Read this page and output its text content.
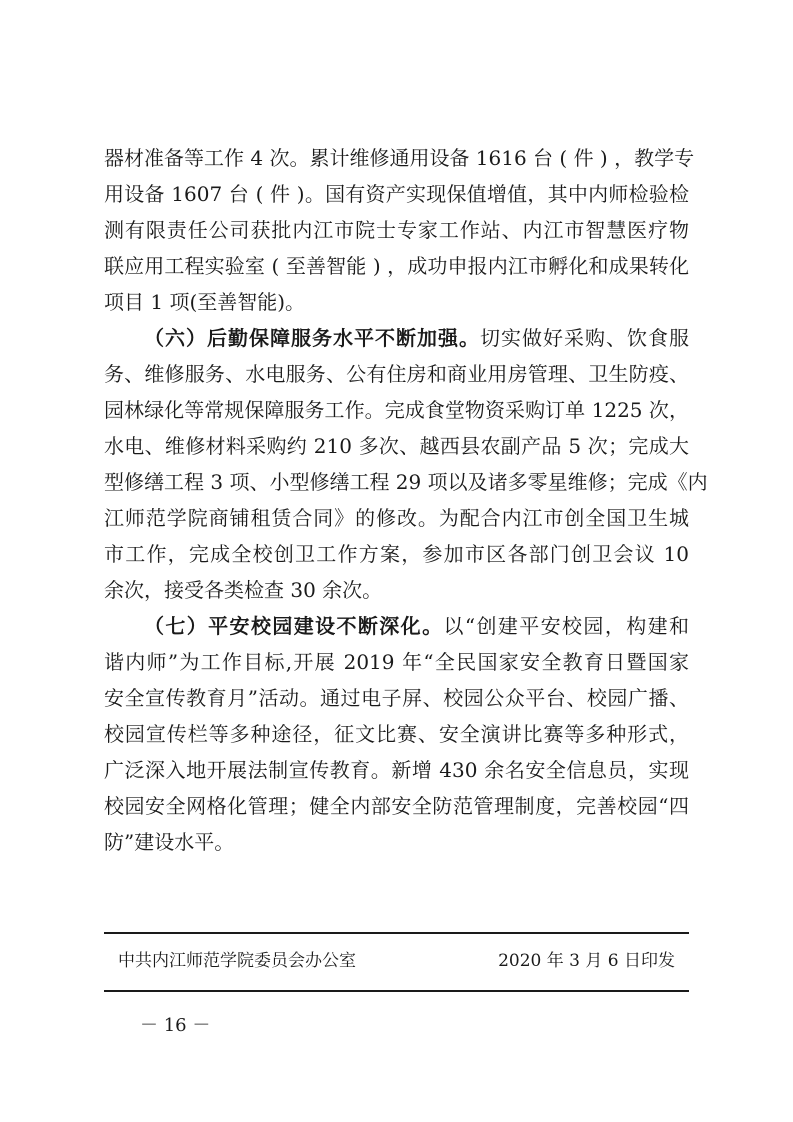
器材准备等工作 4 次。累计维修通用设备 1616 台 ( 件 ) ，教学专
用设备 1607 台 ( 件 )。国有资产实现保值增值，其中内师检验检
测有限责任公司获批内江市院士专家工作站、内江市智慧医疗物
联应用工程实验室 ( 至善智能 ) ，成功申报内江市孵化和成果转化
项目 1 项(至善智能)。
（六）后勤保障服务水平不断加强。切实做好采购、饮食服
务、维修服务、水电服务、公有住房和商业用房管理、卫生防疫、
园林绿化等常规保障服务工作。完成食堂物资采购订单 1225 次，
水电、维修材料采购约 210 多次、越西县农副产品 5 次；完成大
型修缮工程 3 项、小型修缮工程 29 项以及诸多零星维修；完成《内
江师范学院商铺租赁合同》的修改。为配合内江市创全国卫生城
市工作，完成全校创卫工作方案，参加市区各部门创卫会议 10
余次，接受各类检查 30 余次。
（七）平安校园建设不断深化。以“创建平安校园，构建和
谐内师”为工作目标,开展 2019 年“全民国家安全教育日暨国家
安全宣传教育月”活动。通过电子屏、校园公众平台、校园广播、
校园宣传栏等多种途径，征文比赛、安全演讲比赛等多种形式，
广泛深入地开展法制宣传教育。新增 430 余名安全信息员，实现
校园安全网格化管理；健全内部安全防范管理制度，完善校园“四
防”建设水平。
中共内江师范学院委员会办公室	2020 年 3 月 6 日印发
－ 16 －
